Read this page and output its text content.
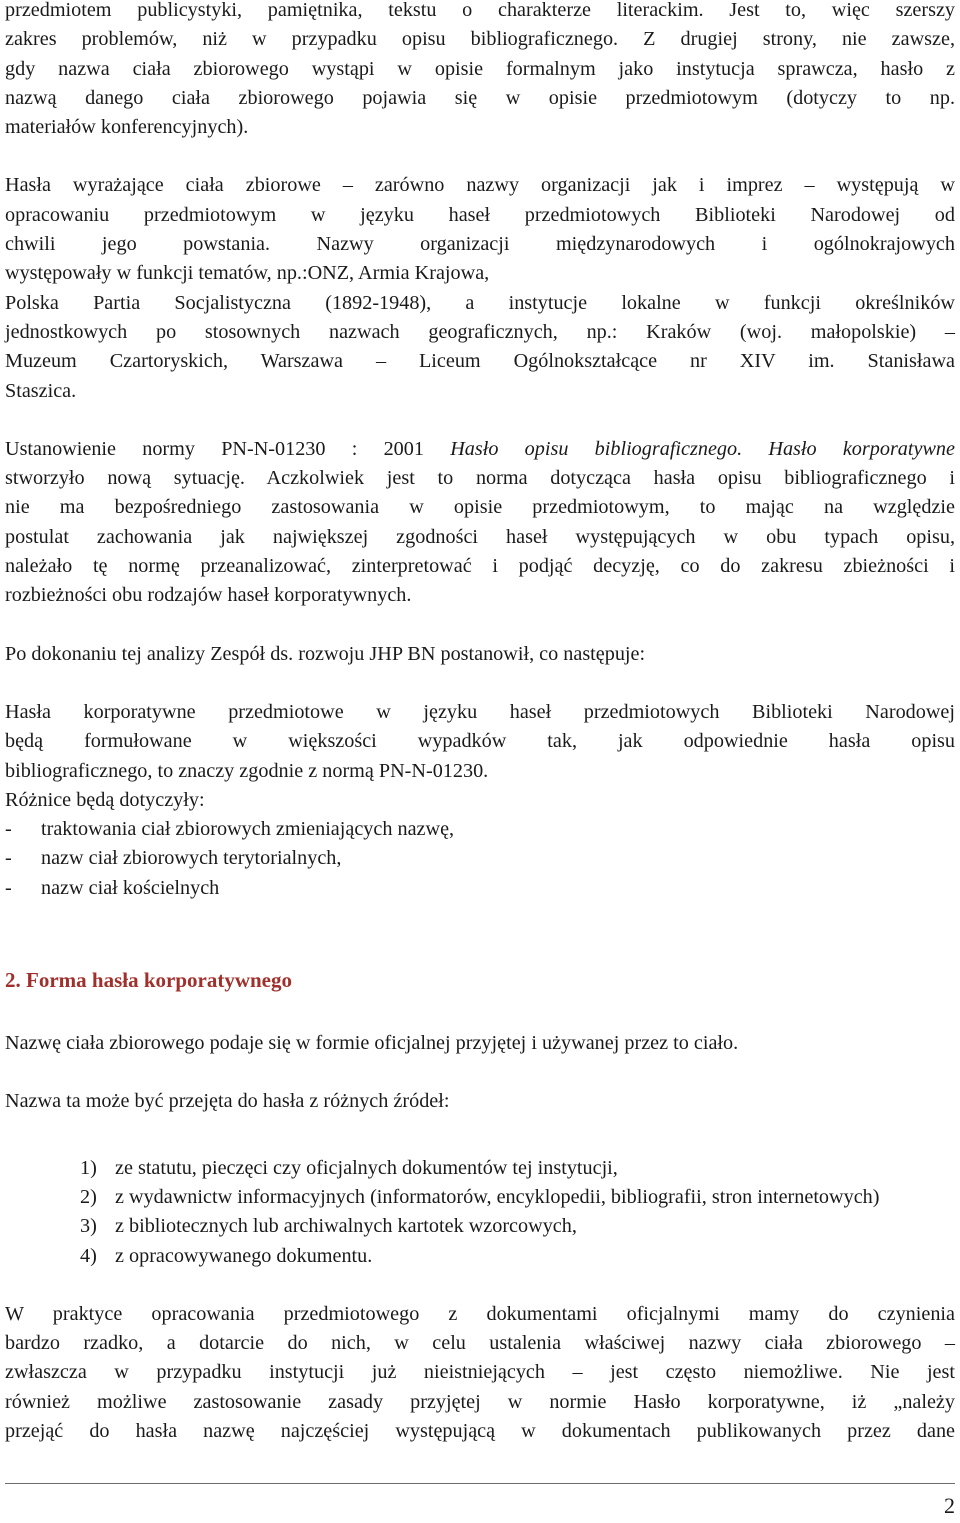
przedmiotem publicystyki, pamiętnika, tekstu o charakterze literackim. Jest to, więc szerszy
zakres problemów, niż w przypadku opisu bibliograficznego. Z drugiej strony, nie zawsze,
gdy nazwa ciała zbiorowego wystąpi w opisie formalnym jako instytucja sprawcza, hasło z
nazwą danego ciała zbiorowego pojawia się w opisie przedmiotowym (dotyczy to np.
materiałów konferencyjnych).
Hasła wyrażające ciała zbiorowe – zarówno nazwy organizacji jak i imprez – występują w
opracowaniu przedmiotowym w języku haseł przedmiotowych Biblioteki Narodowej od
chwili jego powstania. Nazwy organizacji międzynarodowych i ogólnokrajowych
występowały w funkcji tematów, np.:ONZ, Armia Krajowa,
Polska Partia Socjalistyczna (1892-1948), a instytucje lokalne w funkcji określników
jednostkowych po stosownych nazwach geograficznych, np.: Kraków (woj. małopolskie) –
Muzeum Czartoryskich, Warszawa – Liceum Ogólnokształcące nr XIV im. Stanisława
Staszica.
Ustanowienie normy PN-N-01230 : 2001 Hasło opisu bibliograficznego. Hasło korporatywne
stworzyło nową sytuację. Aczkolwiek jest to norma dotycząca hasła opisu bibliograficznego i
nie ma bezpośredniego zastosowania w opisie przedmiotowym, to mając na względzie
postulat zachowania jak największej zgodności haseł występujących w obu typach opisu,
należało tę normę przeanalizować, zinterpretować i podjąć decyzję, co do zakresu zbieżności i
rozbieżności obu rodzajów haseł korporatywnych.

Po dokonaniu tej analizy Zespół ds. rozwoju JHP BN postanowił, co następuje:

Hasła korporatywne przedmiotowe w języku haseł przedmiotowych Biblioteki Narodowej
będą formułowane w większości wypadków tak, jak odpowiednie hasła opisu
bibliograficznego, to znaczy zgodnie z normą PN-N-01230.
Różnice będą dotyczyły:
-	traktowania ciał zbiorowych zmieniających nazwę,
-	nazw ciał zbiorowych terytorialnych,
-	nazw ciał kościelnych
2. Forma hasła korporatywnego

Nazwę ciała zbiorowego podaje się w formie oficjalnej przyjętej i używanej przez to ciało.

Nazwa ta może być przejęta do hasła z różnych źródeł:

1) ze statutu, pieczęci czy oficjalnych dokumentów tej instytucji,
2) z wydawnictw informacyjnych (informatorów, encyklopedii, bibliografii, stron internetowych)
3) z bibliotecznych lub archiwalnych kartotek wzorcowych,
4) z opracowywanego dokumentu.
W praktyce opracowania przedmiotowego z dokumentami oficjalnymi mamy do czynienia
bardzo rzadko, a dotarcie do nich, w celu ustalenia właściwej nazwy ciała zbiorowego –
zwłaszcza w przypadku instytucji już nieistniejących – jest często niemożliwe. Nie jest
również możliwe zastosowanie zasady przyjętej w normie Hasło korporatywne, iż „należy
przejąć do hasła nazwę najczęściej występującą w dokumentach publikowanych przez dane
2
